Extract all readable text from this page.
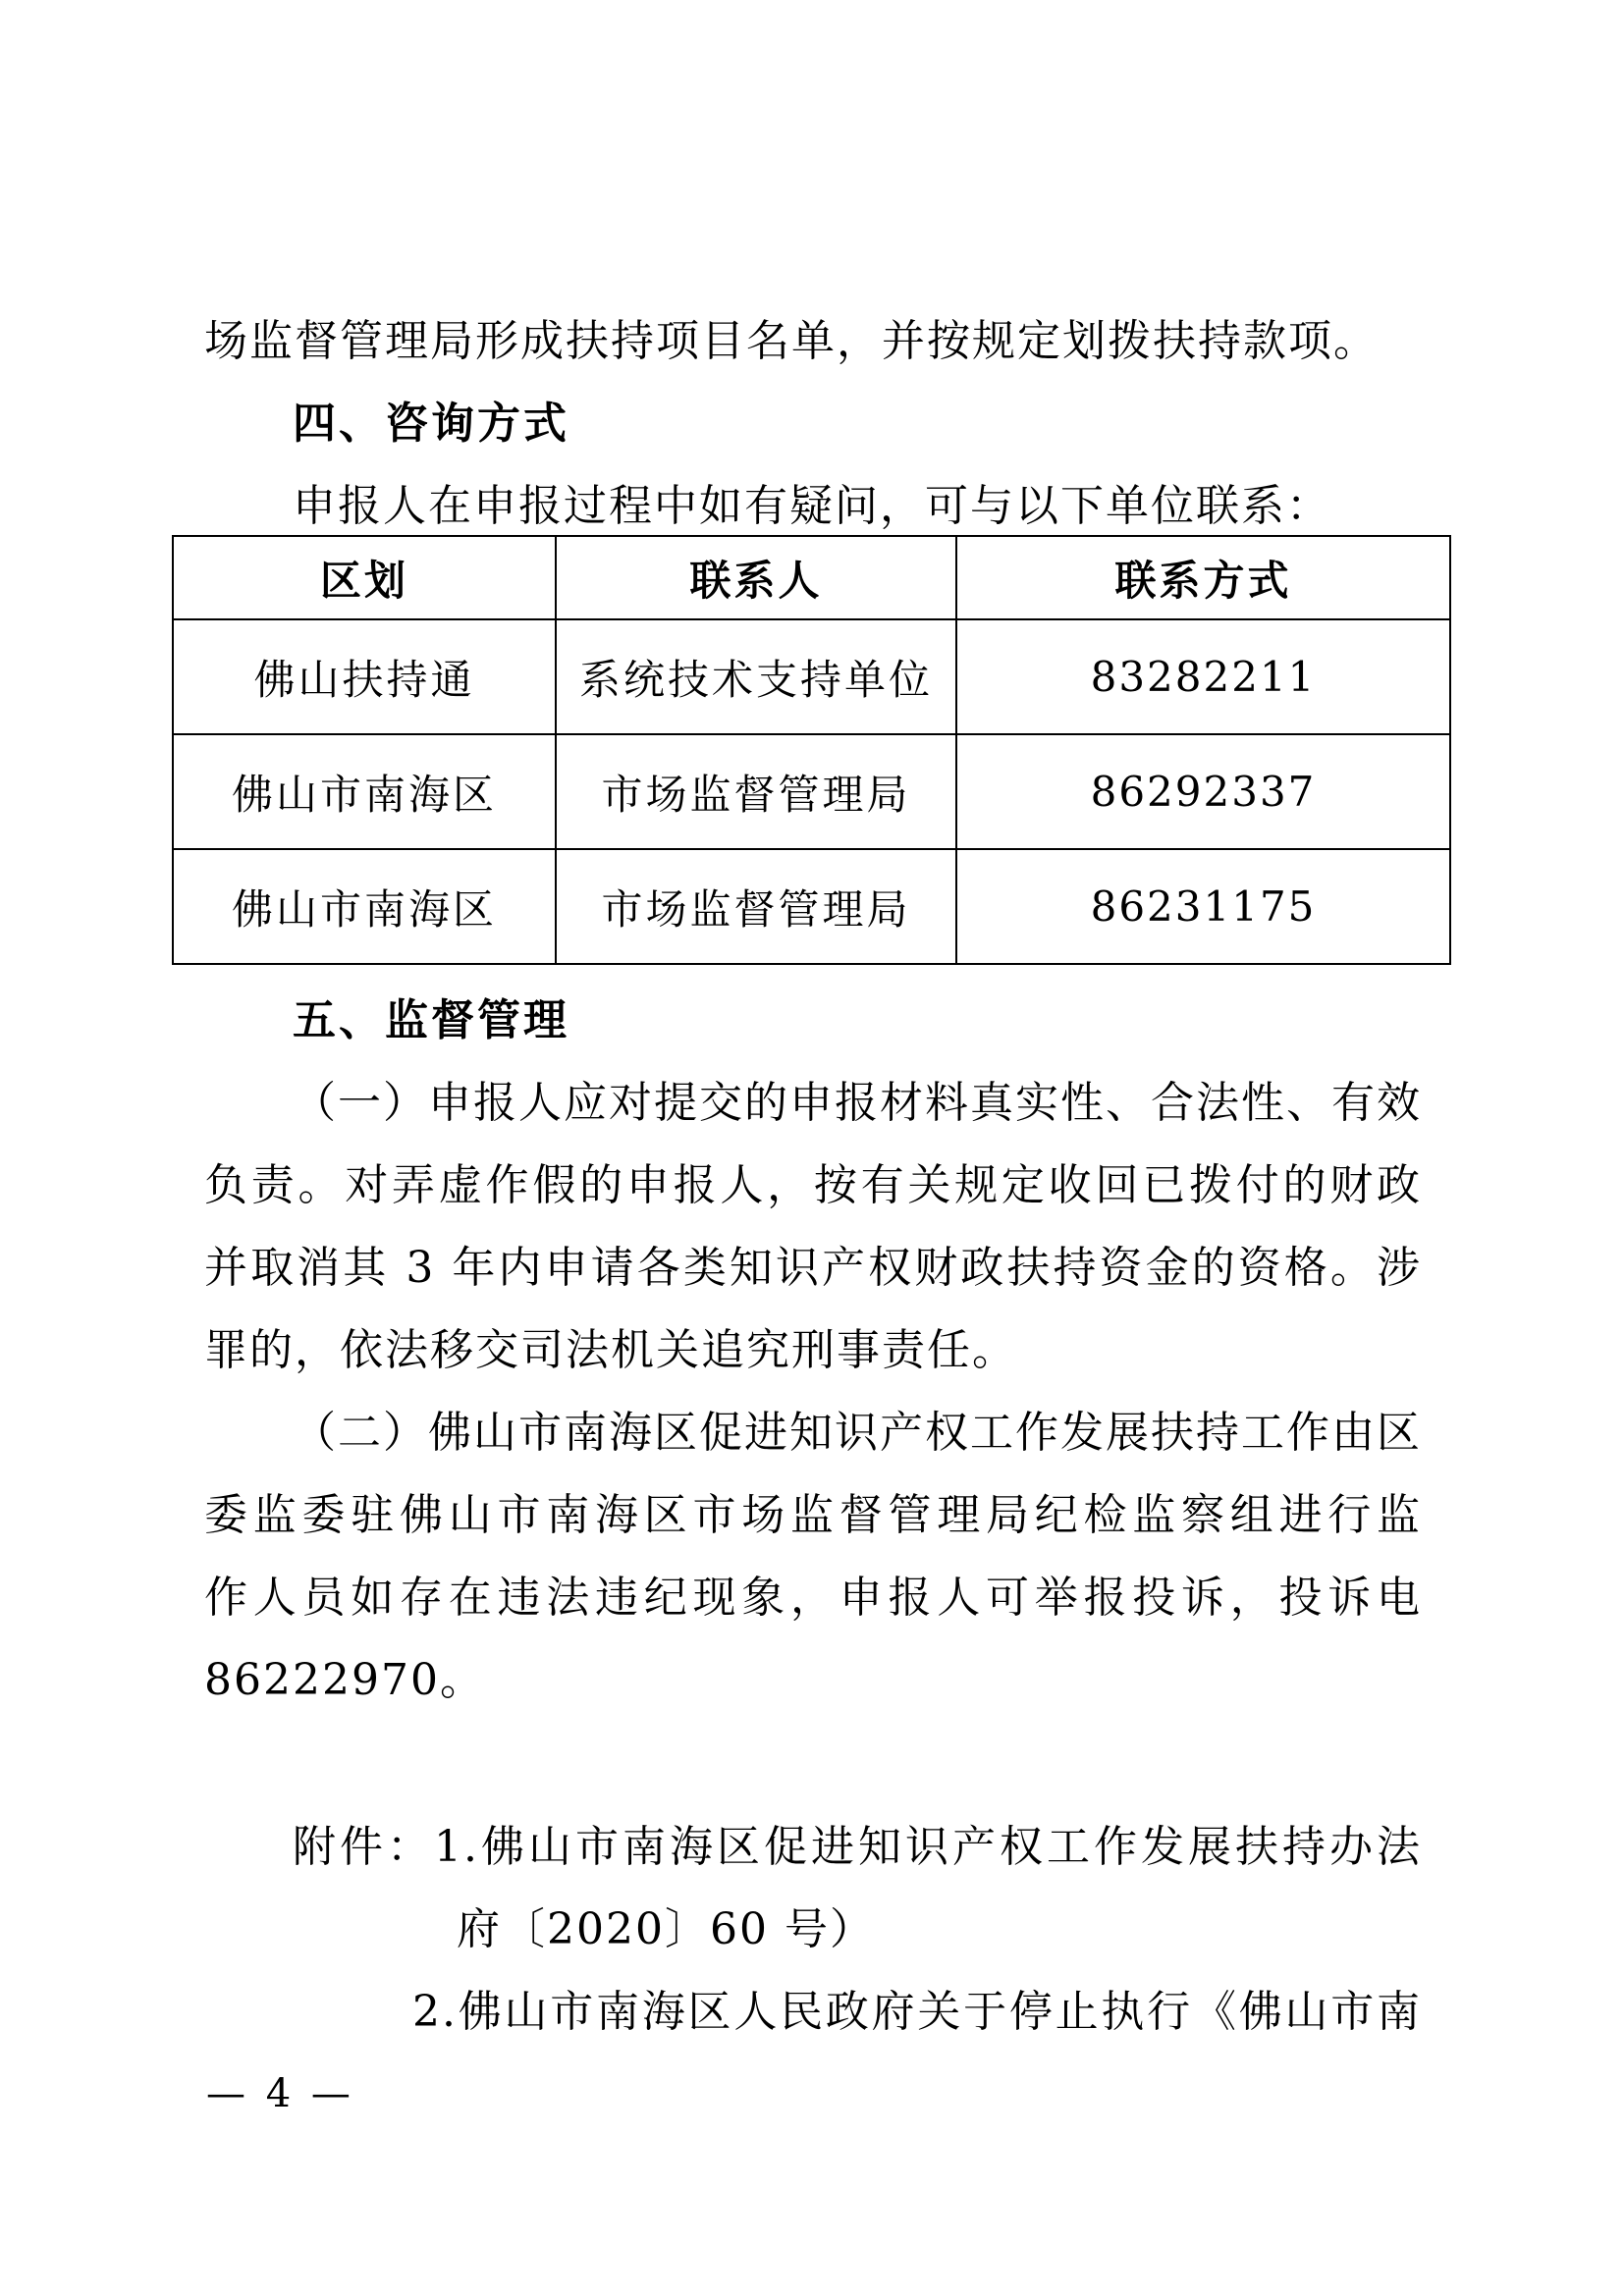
场监督管理局形成扶持项目名单，并按规定划拨扶持款项。
四、咨询方式
申报人在申报过程中如有疑问，可与以下单位联系：
区划	联系人	联系方式
佛山扶持通	系统技术支持单位	83282211
佛山市南海区	市场监督管理局	86292337
佛山市南海区	市场监督管理局	86231175
五、监督管理
（一）申报人应对提交的申报材料真实性、合法性、有效
负责。对弄虚作假的申报人，按有关规定收回已拨付的财政
并取消其 3 年内申请各类知识产权财政扶持资金的资格。涉
罪的，依法移交司法机关追究刑事责任。
（二）佛山市南海区促进知识产权工作发展扶持工作由区
委监委驻佛山市南海区市场监督管理局纪检监察组进行监
作人员如存在违法违纪现象，申报人可举报投诉，投诉电
86222970。
附件：1.佛山市南海区促进知识产权工作发展扶持办法
府〔2020〕60 号）
2.佛山市南海区人民政府关于停止执行《佛山市南
— 4 —
